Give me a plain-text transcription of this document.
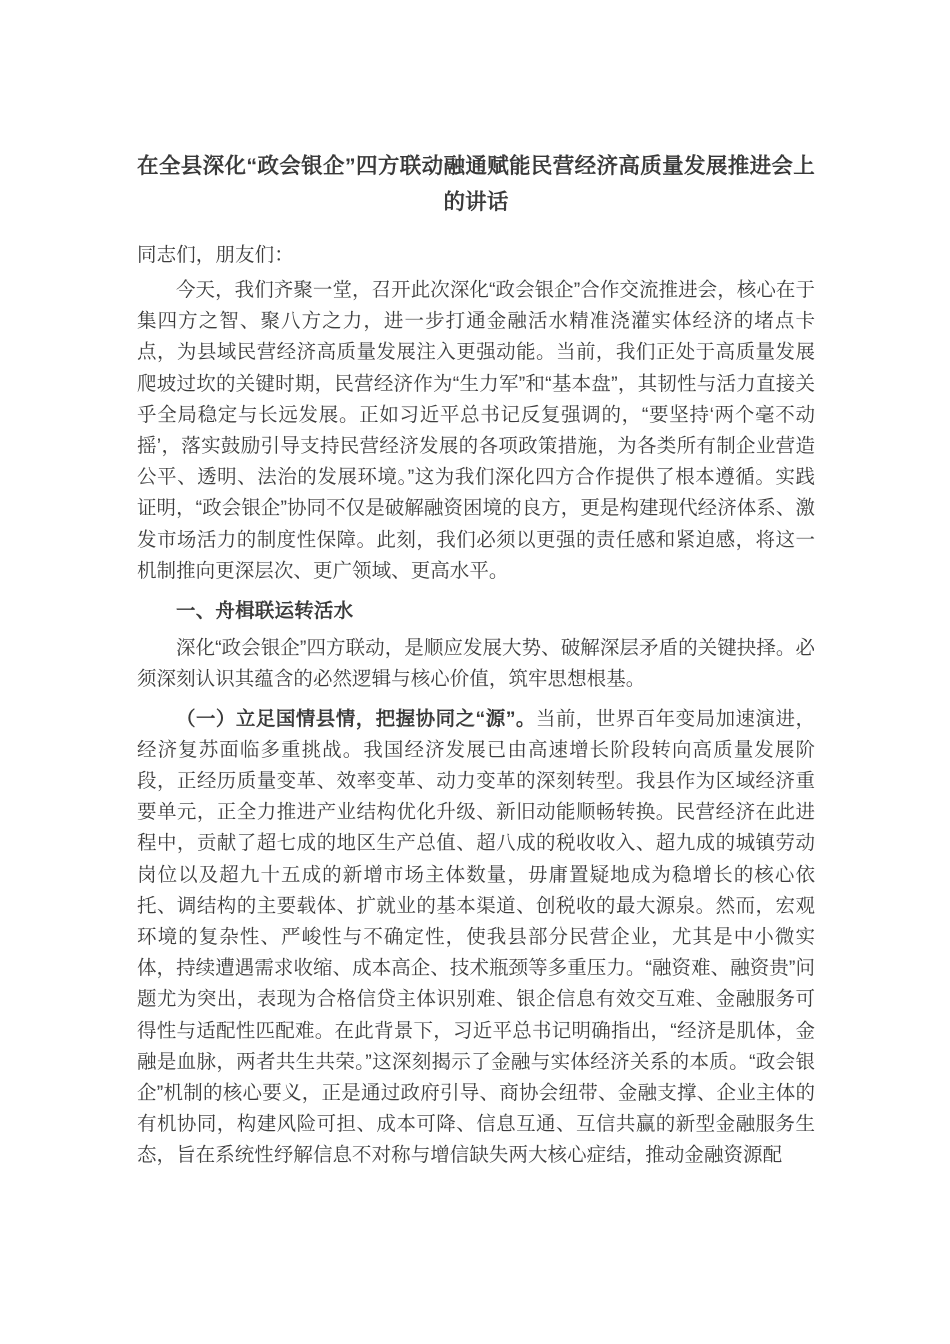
在全县深化“政会银企”四方联动融通赋能民营经济高质量发展推进会上的讲话
同志们，朋友们：

今天，我们齐聚一堂，召开此次深化“政会银企”合作交流推进会，核心在于集四方之智、聚八方之力，进一步打通金融活水精准浇灌实体经济的堵点卡点，为县域民营经济高质量发展注入更强动能。当前，我们正处于高质量发展爬坡过坎的关键时期，民营经济作为“生力军”和“基本盘”，其韧性与活力直接关乎全局稳定与长远发展。正如习近平总书记反复强调的，“要坚持‘两个毫不动摇’，落实鼓励引导支持民营经济发展的各项政策措施，为各类所有制企业营造公平、透明、法治的发展环境。”这为我们深化四方合作提供了根本遵循。实践证明，“政会银企”协同不仅是破解融资困境的良方，更是构建现代经济体系、激发市场活力的制度性保障。此刻，我们必须以更强的责任感和紧迫感，将这一机制推向更深层次、更广领域、更高水平。

一、舟楫联运转活水

深化“政会银企”四方联动，是顺应发展大势、破解深层矛盾的关键抉择。必须深刻认识其蕴含的必然逻辑与核心价值，筑牢思想根基。

（一）立足国情县情，把握协同之“源”。当前，世界百年变局加速演进，经济复苏面临多重挑战。我国经济发展已由高速增长阶段转向高质量发展阶段，正经历质量变革、效率变革、动力变革的深刻转型。我县作为区域经济重要单元，正全力推进产业结构优化升级、新旧动能顺畅转换。民营经济在此进程中，贡献了超七成的地区生产总值、超八成的税收收入、超九成的城镇劳动岗位以及超九十五成的新增市场主体数量，毋庸置疑地成为稳增长的核心依托、调结构的主要载体、扩就业的基本渠道、创税收的最大源泉。然而，宏观环境的复杂性、严峻性与不确定性，使我县部分民营企业，尤其是中小微实体，持续遭遇需求收缩、成本高企、技术瓶颈等多重压力。“融资难、融资贵”问题尤为突出，表现为合格信贷主体识别难、银企信息有效交互难、金融服务可得性与适配性匹配难。在此背景下，习近平总书记明确指出，“经济是肌体，金融是血脉，两者共生共荣。”这深刻揭示了金融与实体经济关系的本质。“政会银企”机制的核心要义，正是通过政府引导、商协会纽带、金融支撑、企业主体的有机协同，构建风险可担、成本可降、信息互通、互信共赢的新型金融服务生态，旨在系统性纾解信息不对称与增信缺失两大核心症结，推动金融资源配
